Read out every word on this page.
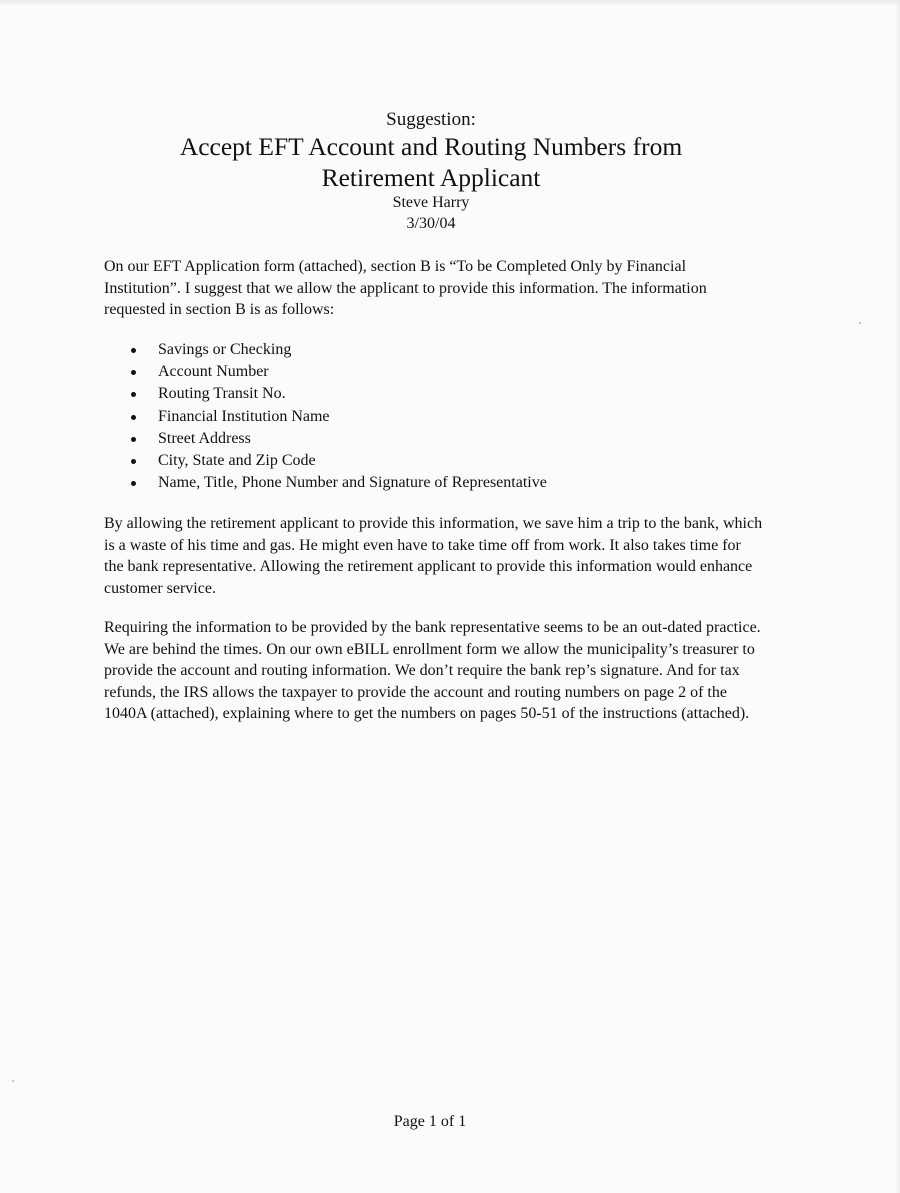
Suggestion:
Accept EFT Account and Routing Numbers from
Retirement Applicant
Steve Harry
3/30/04

On our EFT Application form (attached), section B is “To be Completed Only by Financial Institution”. I suggest that we allow the applicant to provide this information. The information requested in section B is as follows:

Savings or Checking
Account Number
Routing Transit No.
Financial Institution Name
Street Address
City, State and Zip Code
Name, Title, Phone Number and Signature of Representative

By allowing the retirement applicant to provide this information, we save him a trip to the bank, which is a waste of his time and gas. He might even have to take time off from work. It also takes time for the bank representative. Allowing the retirement applicant to provide this information would enhance customer service.

Requiring the information to be provided by the bank representative seems to be an out-dated practice. We are behind the times. On our own eBILL enrollment form we allow the municipality’s treasurer to provide the account and routing information. We don’t require the bank rep’s signature. And for tax refunds, the IRS allows the taxpayer to provide the account and routing numbers on page 2 of the 1040A (attached), explaining where to get the numbers on pages 50-51 of the instructions (attached).

Page 1 of 1
